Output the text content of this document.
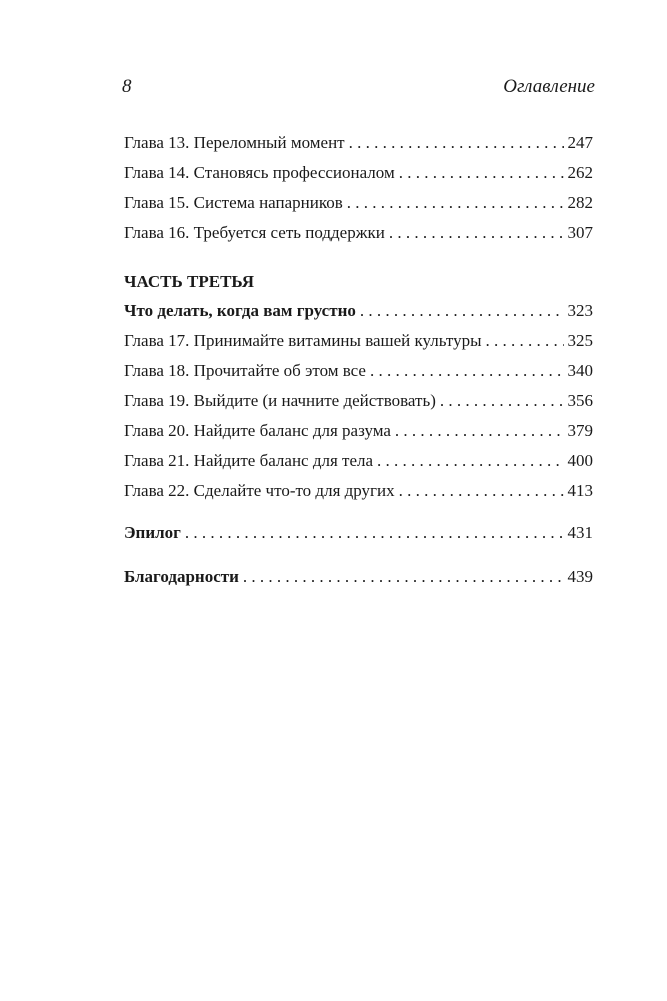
8	Оглавление
Глава 13. Переломный момент . . .	247
Глава 14. Становясь профессионалом . . .	262
Глава 15. Система напарников . . .	282
Глава 16. Требуется сеть поддержки . . .	307
ЧАСТЬ ТРЕТЬЯ
Что делать, когда вам грустно . . .	323
Глава 17. Принимайте витамины вашей культуры . . .	325
Глава 18. Прочитайте об этом все . . .	340
Глава 19. Выйдите (и начните действовать) . . .	356
Глава 20. Найдите баланс для разума . . .	379
Глава 21. Найдите баланс для тела . . .	400
Глава 22. Сделайте что-то для других . . .	413
Эпилог . . .	431
Благодарности . . .	439
